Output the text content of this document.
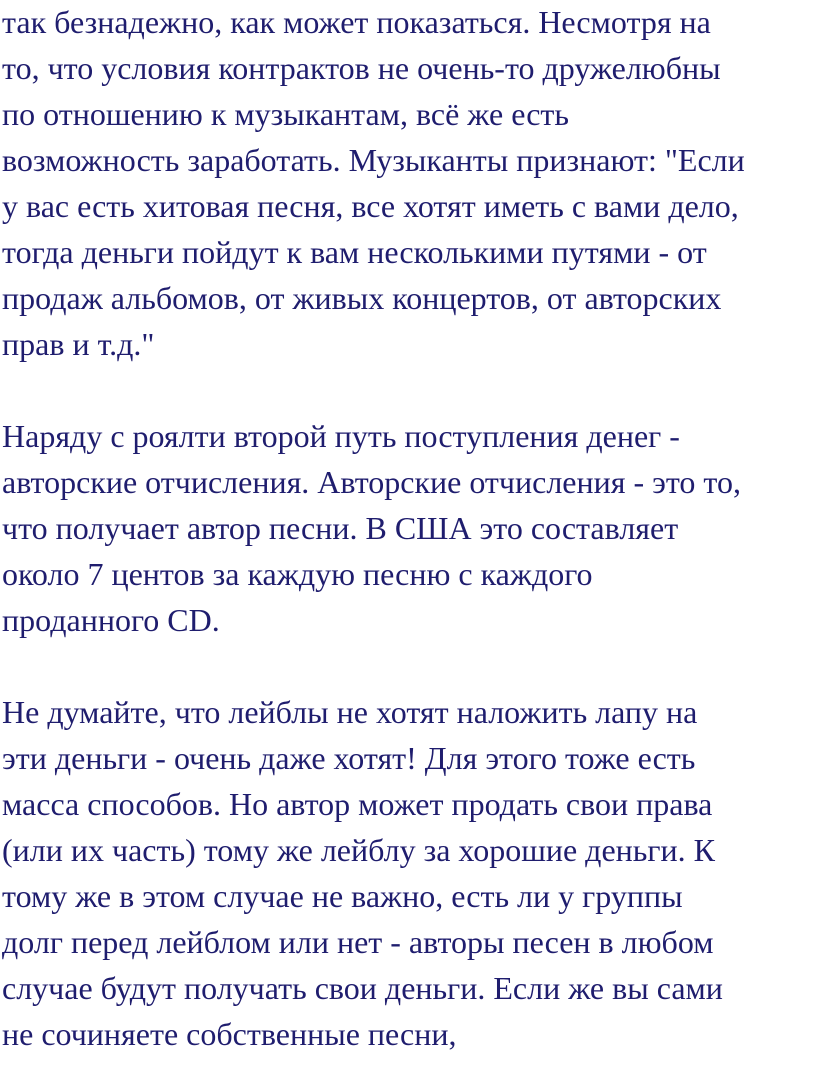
так безнадежно, как может показаться. Несмотря на
то, что условия контрактов не очень-то дружелюбны
по отношению к музыкантам, всё же есть
возможность заработать. Музыканты признают: "Если
у вас есть хитовая песня, все хотят иметь с вами дело,
тогда деньги пойдут к вам несколькими путями - от
продаж альбомов, от живых концертов, от авторских
прав и т.д."
Наряду с роялти второй путь поступления денег -
авторские отчисления. Авторские отчисления - это то,
что получает автор песни. В США это составляет
около 7 центов за каждую песню с каждого
проданного CD.
Не думайте, что лейблы не хотят наложить лапу на
эти деньги - очень даже хотят! Для этого тоже есть
масса способов. Но автор может продать свои права
(или их часть) тому же лейблу за хорошие деньги. К
тому же в этом случае не важно, есть ли у группы
долг перед лейблом или нет - авторы песен в любом
случае будут получать свои деньги. Если же вы сами
не сочиняете собственные песни,
